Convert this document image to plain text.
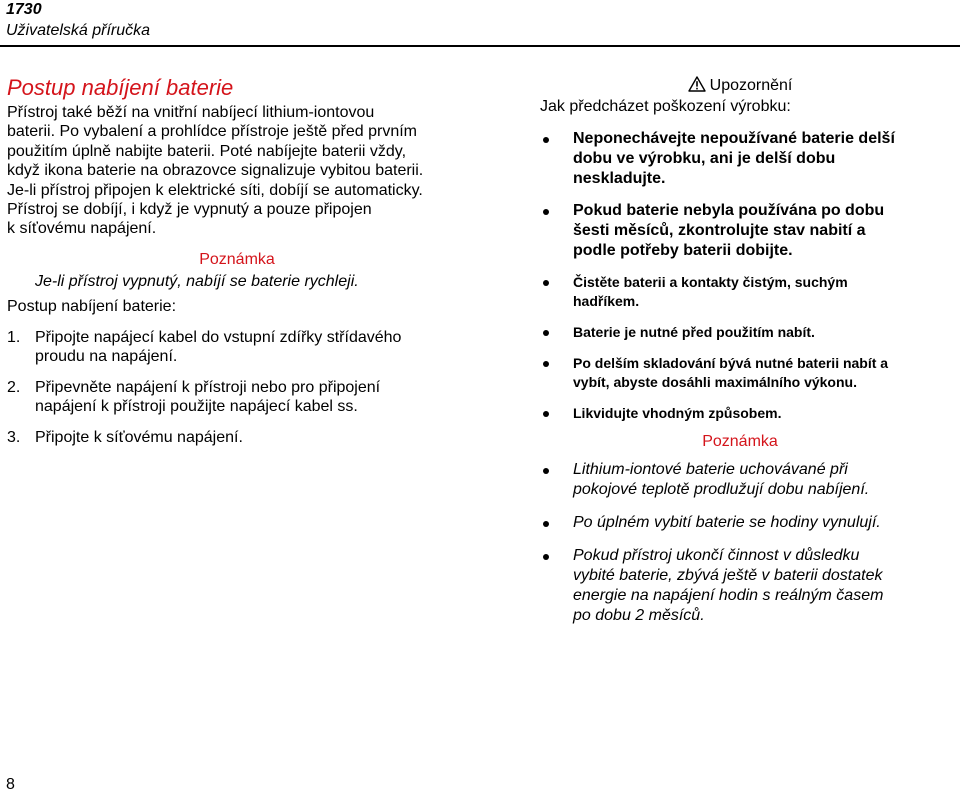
1730
Uživatelská příručka
Postup nabíjení baterie

Přístroj také běží na vnitřní nabíjecí lithium-iontovou

baterii. Po vybalení a prohlídce přístroje ještě před prvním

použitím úplně nabijte baterii. Poté nabíjejte baterii vždy,

když ikona baterie na obrazovce signalizuje vybitou baterii.

Je-li přístroj připojen k elektrické síti, dobíjí se automaticky.

Přístroj se dobíjí, i když je vypnutý a pouze připojen

k síťovému napájení.

Poznámka
Je-li přístroj vypnutý, nabíjí se baterie rychleji.
Postup nabíjení baterie:
1. Připojte napájecí kabel do vstupní zdířky střídavého
proudu na napájení.
2. Připevněte napájení k přístroji nebo pro připojení
napájení k přístroji použijte napájecí kabel ss.
3. Připojte k síťovému napájení.
Upozornění
Jak předcházet poškození výrobku:
Neponechávejte nepoužívané baterie delší
dobu ve výrobku, ani je delší dobu
neskladujte.
Pokud baterie nebyla používána po dobu
šesti měsíců, zkontrolujte stav nabití a
podle potřeby baterii dobijte.
Čistěte baterii a kontakty čistým, suchým
hadříkem.
Baterie je nutné před použitím nabít.
Po delším skladování bývá nutné baterii nabít a
vybít, abyste dosáhli maximálního výkonu.
Likvidujte vhodným způsobem.
Poznámka
Lithium-iontové baterie uchovávané při
pokojové teplotě prodlužují dobu nabíjení.
Po úplném vybití baterie se hodiny vynulují.
Pokud přístroj ukončí činnost v důsledku
vybité baterie, zbývá ještě v baterii dostatek
energie na napájení hodin s reálným časem
po dobu 2 měsíců.
8
